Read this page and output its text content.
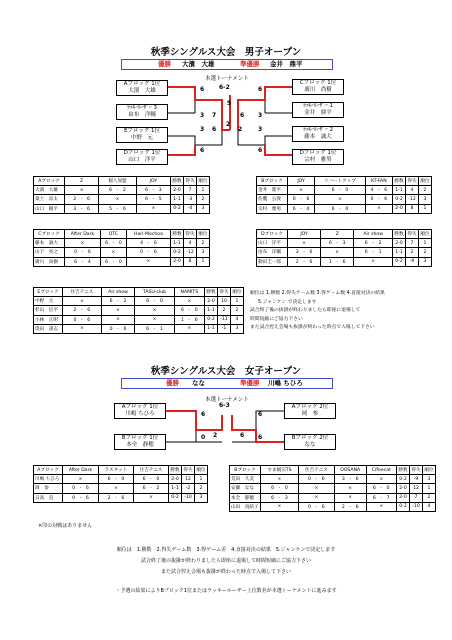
秋季シングルス大会　男子オープン
優勝 大濱　大雄	準優勝 金井　鼎平
本選トーナメント
6-2
Aブロック 1位
大濱　大雄
ﾗｯｷｰﾙｰｻﾞｰ 3
由布　洋輔
Eブロック 1位
中野　元
Dブロック 1位
山口　洋平
Cブロック 1位
廣川　尚樹
ﾗｯｷｰﾙｰｻﾞｰ 1
金井　鼎平
ﾗｯｷｰﾙｰｻﾞｰ 2
藤本　誠大
Dブロック 1位
宗村　雅男
6
3
3
6
5
7	6
6	2
2
6
3
3
6
Aブロック	Z	個人加盟	JOY	勝数	得失	順位
大濱　大雄	×	6　-　2	6　-　3	2-0	7	1
桑土　涼太	2　-　6	×	6　-　5	1-1	-3	2
山口　鏡平	3　-　6	5　-　6	×	0-2	-4	3
Bブロック	JOY	リハートクップ	KT-FAN	勝数	得失	順位
金井　鼎平	×	6　-　0	4　-　6	1-1	4	2
佐鷹　公義	0　-　6	×	0　-　6	0-2	-12	3
宗村　雅男	6　-　4	6　-　0	×	2-0	8	1
Cブロック	After Dark	OTC	Hari-Mochoa	勝数	得失	順位
藤本　誠大	×	6　-　0	4　-　6	1-1	4	2
山下　亮之	0　-　6	×	0　-　6	0-2	-12	3
廣川　尚樹	6　-　4	6　-　0	×	2-0	8	1
Dブロック	JOY	Z	Air show	勝数	得失	順位
山口　洋平	×	6　-　3	6　-　2	2-0	7	1
由布　洋輔	3　-　6	×	6　-　1	1-1	2	2
動田圭一郎	2　-　6	1　-　6	×	0-2	-9	3
Eブロック	住吉テニス	Air show	TASU-club	NAMITS	勝数	得失	順位
中野　元	×	6　-　2	6　-　0	×	2-0	10	1
杉山　信平	2　-　6	×	×	6　-　0	1-1	2	2
小林　正明	0　-　6	×	×	1　-　6	0-2	-11	4
堤田　訓志	×	0　-　6	6　-　1	×	1-1	-1	3
順位は 1.勝数 2.得失ゲーム数 3.得ゲーム数 4.直接対決の結果
5.ジャンケン で決定します
試合終了後の抜掛が終わりましたら即座に退場して
時間短縮にご協力下さい
また試合控え会場も抜掛が終わった時点で入場して下さい
秋季シングルス大会　女子オープン
優勝 なな	準優勝 川嶋 ちひろ
本選トーナメント
6-3
Aブロック 1位
川嶋 ちひろ
Bブロック 1位
本全　静穂
Aブロック 2位
岡　参
Bブロック 2位
なな
6
0
6
6
2	6
Aブロック	After Dark	ラスタット	住吉テニス	勝数	得失	順位
川嶋 ちひろ	×	6　-　0	6　-　0	2-0	12	1
岡　参	0　-　6	×	6　-　2	1-1	-2	2
日高　直	0　-　6	2　-　6	×	0-2	-10	3
Bブロック	すま厩宗TS	住吉テニス	OOSANA	C/feecat	勝数	得失	順位
荒田　久美	×	0　-　6	3　-　6	×	0-2	-9	3
安藤　なな	6　-　0	×	×	6　-　0	2-0	12	1
本全　静穂	6　-　3	×	×	6　-　7	2-0	7	2
山田　真結子	×	0　-　6	2　-　6	×	0-2	-10	4
×印の対戦はありません
順位は　1.勝数　2.得失ゲーム数　3.得ゲーム差　4.直接対決の結果　5.ジャンケンで決定します
試合終了後の抜掛が終わりましたら即座に退場して時間短縮にご協力下さい
また試合控え会場も抜掛が終わった時点で入場して下さい
・予選の結果によりBブロック1位またはラッキールーザー上位数名が本選トーナメントに進みます
